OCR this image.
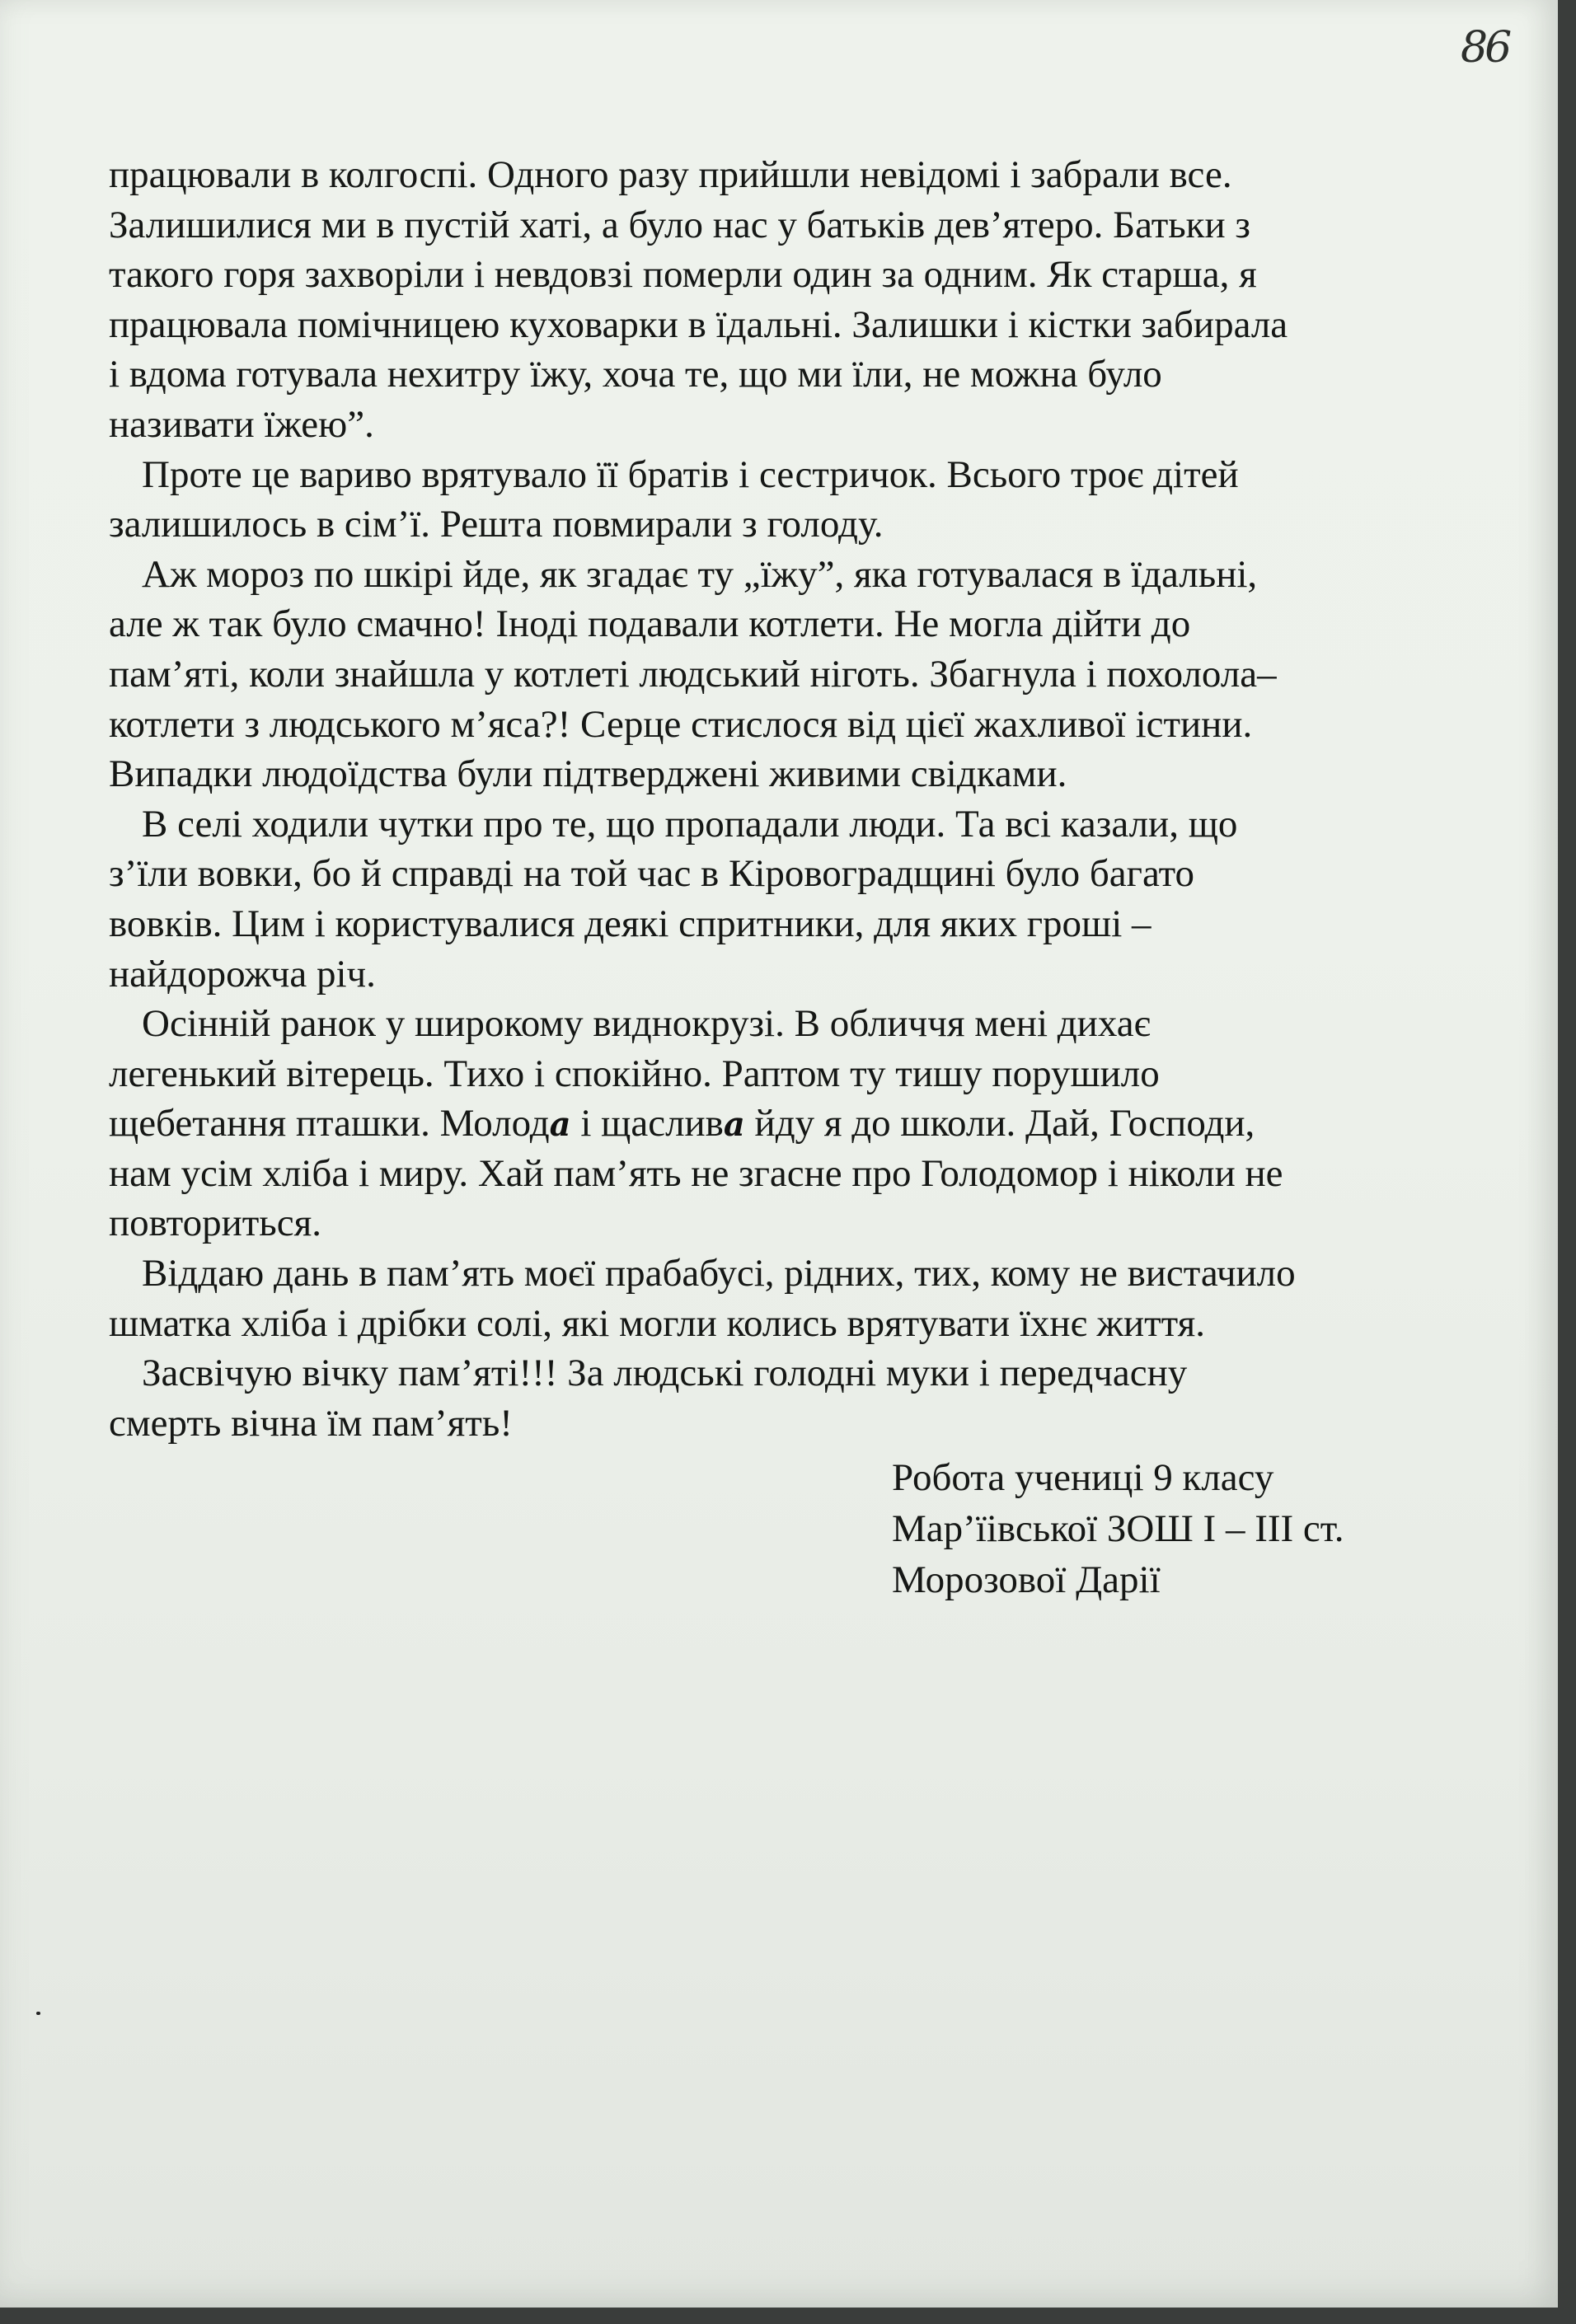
86
працювали в колгоспі. Одного разу прийшли невідомі і забрали все.
Залишилися ми в пустій хаті, а було нас у батьків дев’ятеро. Батьки з
такого горя захворіли і невдовзі померли один за одним. Як старша, я
працювала помічницею куховарки в їдальні. Залишки і кістки забирала
і вдома готувала нехитру їжу, хоча те, що ми їли, не можна було
називати їжею”.
Проте це вариво врятувало її братів і сестричок. Всього троє дітей
залишилось в сім’ї. Решта повмирали з голоду.
Аж мороз по шкірі йде, як згадає ту „їжу”, яка готувалася в їдальні,
але ж так було смачно! Іноді подавали котлети. Не могла дійти до
пам’яті, коли знайшла у котлеті людський ніготь. Збагнула і похолола–
котлети з людського м’яса?! Серце стислося від цієї жахливої істини.
Випадки людоїдства були підтверджені живими свідками.
В селі ходили чутки про те, що пропадали люди. Та всі казали, що
з’їли вовки, бо й справді на той час в Кіровоградщині було багато
вовків. Цим і користувалися деякі спритники, для яких гроші –
найдорожча річ.
Осінній ранок у широкому виднокрузі. В обличчя мені дихає
легенький вітерець. Тихо і спокійно. Раптом ту тишу порушило
щебетання пташки. Молода і щаслива йду я до школи. Дай, Господи,
нам усім хліба і миру. Хай пам’ять не згасне про Голодомор і ніколи не
повториться.
Віддаю дань в пам’ять моєї прабабусі, рідних, тих, кому не вистачило
шматка хліба і дрібки солі, які могли колись врятувати їхнє життя.
Засвічую вічку пам’яті!!! За людські голодні муки і передчасну
смерть вічна їм пам’ять!
Робота учениці 9 класу
Мар’їівської ЗОШ І – ІІІ ст.
Морозової Дарії
